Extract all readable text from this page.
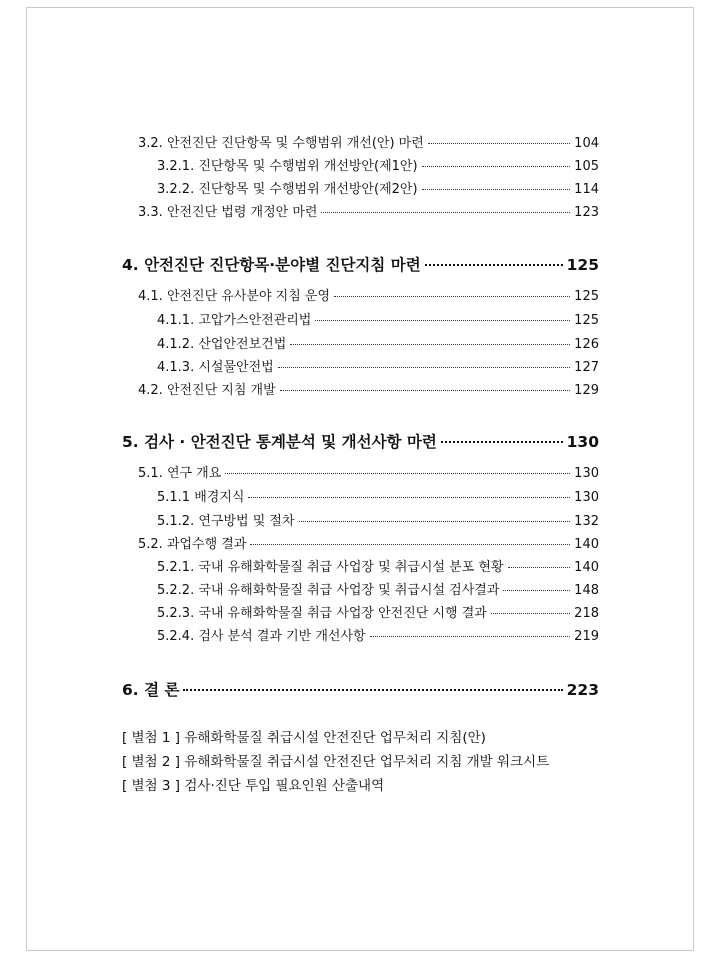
3.2. 안전진단 진단항목 및 수행범위 개선(안) 마련	104
3.2.1. 진단항목 및 수행범위 개선방안(제1안)	105
3.2.2. 진단항목 및 수행범위 개선방안(제2안)	114
3.3. 안전진단 법령 개정안 마련	123
4. 안전진단 진단항목·분야별 진단지침 마련	125
4.1. 안전진단 유사분야 지침 운영	125
4.1.1. 고압가스안전관리법	125
4.1.2. 산업안전보건법	126
4.1.3. 시설물안전법	127
4.2. 안전진단 지침 개발	129
5. 검사 · 안전진단 통계분석 및 개선사항 마련	130
5.1. 연구 개요	130
5.1.1 배경지식	130
5.1.2. 연구방법 및 절차	132
5.2. 과업수행 결과	140
5.2.1. 국내 유해화학물질 취급 사업장 및 취급시설 분포 현황	140
5.2.2. 국내 유해화학물질 취급 사업장 및 취급시설 검사결과	148
5.2.3. 국내 유해화학물질 취급 사업장 안전진단 시행 결과	218
5.2.4. 검사 분석 결과 기반 개선사항	219
6. 결 론	223
[ 별첨 1 ] 유해화학물질 취급시설 안전진단 업무처리 지침(안)
[ 별첨 2 ] 유해화학물질 취급시설 안전진단 업무처리 지침 개발 워크시트
[ 별첨 3 ] 검사·진단 투입 필요인원 산출내역
